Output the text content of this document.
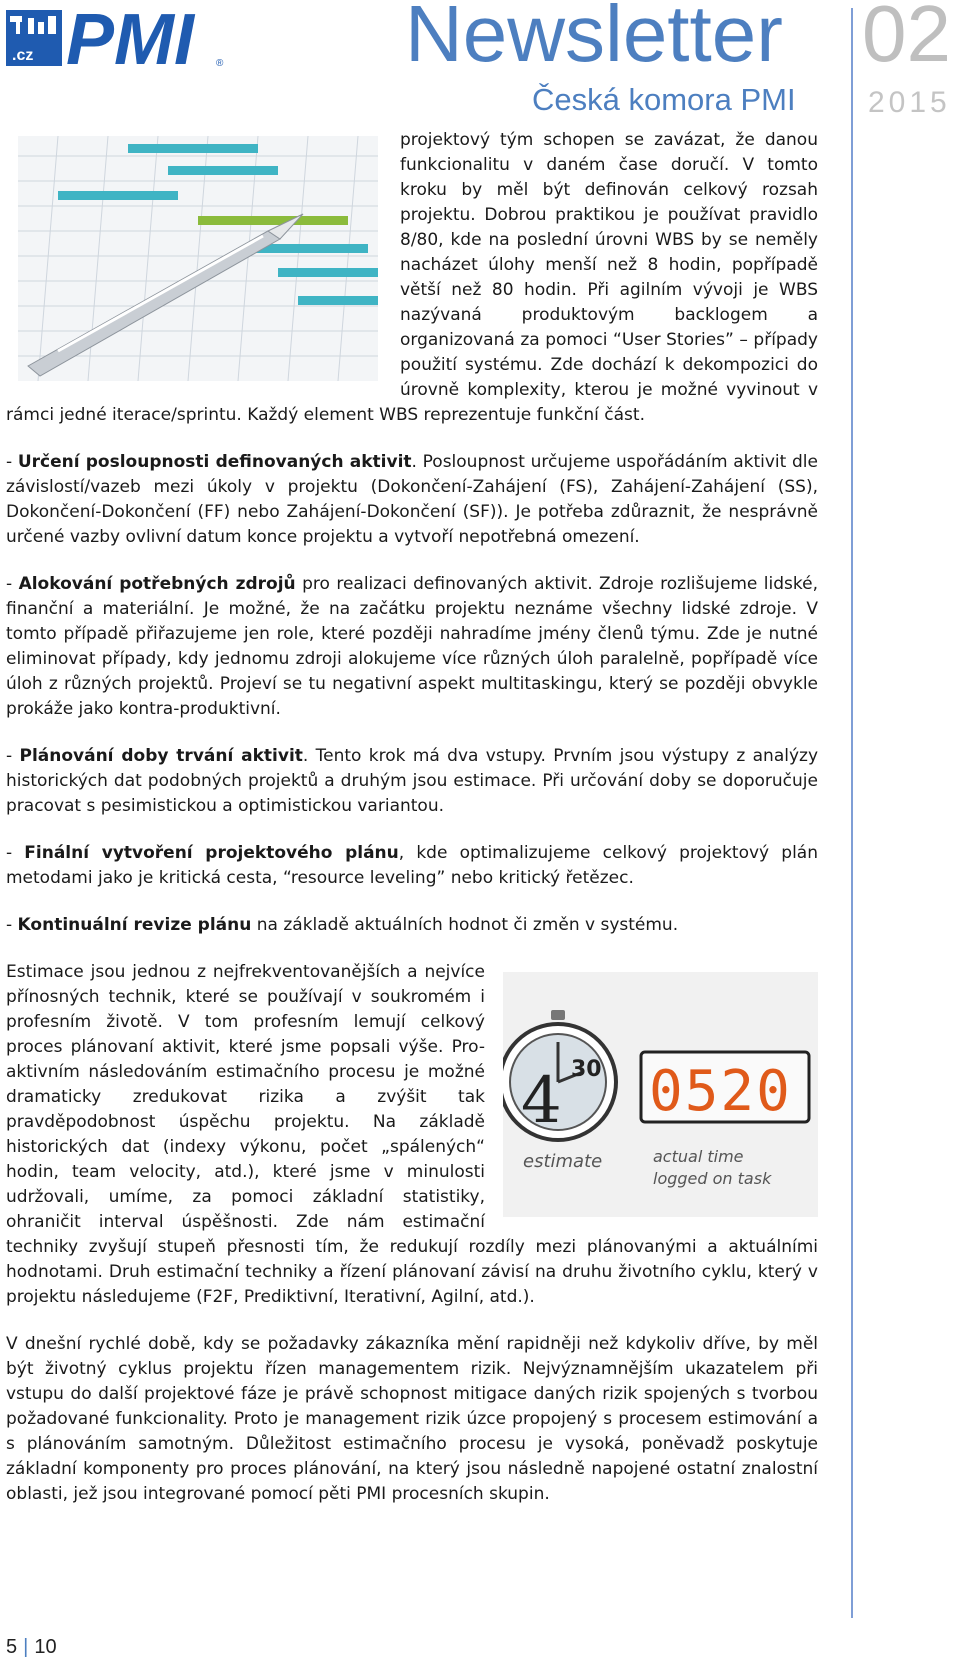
.cz PMI ® Newsletter 02
Česká komora PMI 2015

projektový tým schopen se zavázat, že danou funkcionalitu v daném čase doručí. V tomto kroku by měl být definován celkový rozsah projektu. Dobrou praktikou je používat pravidlo 8/80, kde na poslední úrovni WBS by se neměly nacházet úlohy menší než 8 hodin, popřípadě větší než 80 hodin. Při agilním vývoji je WBS nazývaná produktovým backlogem a organizovaná za pomoci “User Stories” – případy použití systému. Zde dochází k dekompozici do úrovně komplexity, kterou je možné vyvinout v rámci jedné iterace/sprintu. Každý element WBS reprezentuje funkční část.

- Určení posloupnosti definovaných aktivit. Posloupnost určujeme uspořádáním aktivit dle závislostí/vazeb mezi úkoly v projektu (Dokončení-Zahájení (FS), Zahájení-Zahájení (SS), Dokončení-Dokončení (FF) nebo Zahájení-Dokončení (SF)). Je potřeba zdůraznit, že nesprávně určené vazby ovlivní datum konce projektu a vytvoří nepotřebná omezení.

- Alokování potřebných zdrojů pro realizaci definovaných aktivit. Zdroje rozlišujeme lidské, finanční a materiální. Je možné, že na začátku projektu neznáme všechny lidské zdroje. V tomto případě přiřazujeme jen role, které později nahradíme jmény členů týmu. Zde je nutné eliminovat případy, kdy jednomu zdroji alokujeme více různých úloh paralelně, popřípadě více úloh z různých projektů. Projeví se tu negativní aspekt multitaskingu, který se později obvykle prokáže jako kontra-produktivní.

- Plánování doby trvání aktivit. Tento krok má dva vstupy. Prvním jsou výstupy z analýzy historických dat podobných projektů a druhým jsou estimace. Při určování doby se doporučuje pracovat s pesimistickou a optimistickou variantou.

- Finální vytvoření projektového plánu, kde optimalizujeme celkový projektový plán metodami jako je kritická cesta, “resource leveling” nebo kritický řetězec.

- Kontinuální revize plánu na základě aktuálních hodnot či změn v systému.

4 30 0520
estimate	actual time
logged on task

Estimace jsou jednou z nejfrekventovanějších a nejvíce přínosných technik, které se používají v soukromém i profesním životě. V tom profesním lemují celkový proces plánovaní aktivit, které jsme popsali výše. Pro-aktivním následováním estimačního procesu je možné dramaticky zredukovat rizika a zvýšit tak pravděpodobnost úspěchu projektu. Na základě historických dat (indexy výkonu, počet „spálených“ hodin, team velocity, atd.), které jsme v minulosti udržovali, umíme, za pomoci základní statistiky, ohraničit interval úspěšnosti. Zde nám estimační techniky zvyšují stupeň přesnosti tím, že redukují rozdíly mezi plánovanými a aktuálními hodnotami. Druh estimační techniky a řízení plánovaní závisí na druhu životního cyklu, který v projektu následujeme (F2F, Prediktivní, Iterativní, Agilní, atd.).

V dnešní rychlé době, kdy se požadavky zákazníka mění rapidněji než kdykoliv dříve, by měl být životný cyklus projektu řízen managementem rizik. Nejvýznamnějším ukazatelem při vstupu do další projektové fáze je právě schopnost mitigace daných rizik spojených s tvorbou požadované funkcionality. Proto je management rizik úzce propojený s procesem estimování a s plánováním samotným. Důležitost estimačního procesu je vysoká, poněvadž poskytuje základní komponenty pro proces plánování, na který jsou následně napojené ostatní znalostní oblasti, jež jsou integrované pomocí pěti PMI procesních skupin.

5 | 10
